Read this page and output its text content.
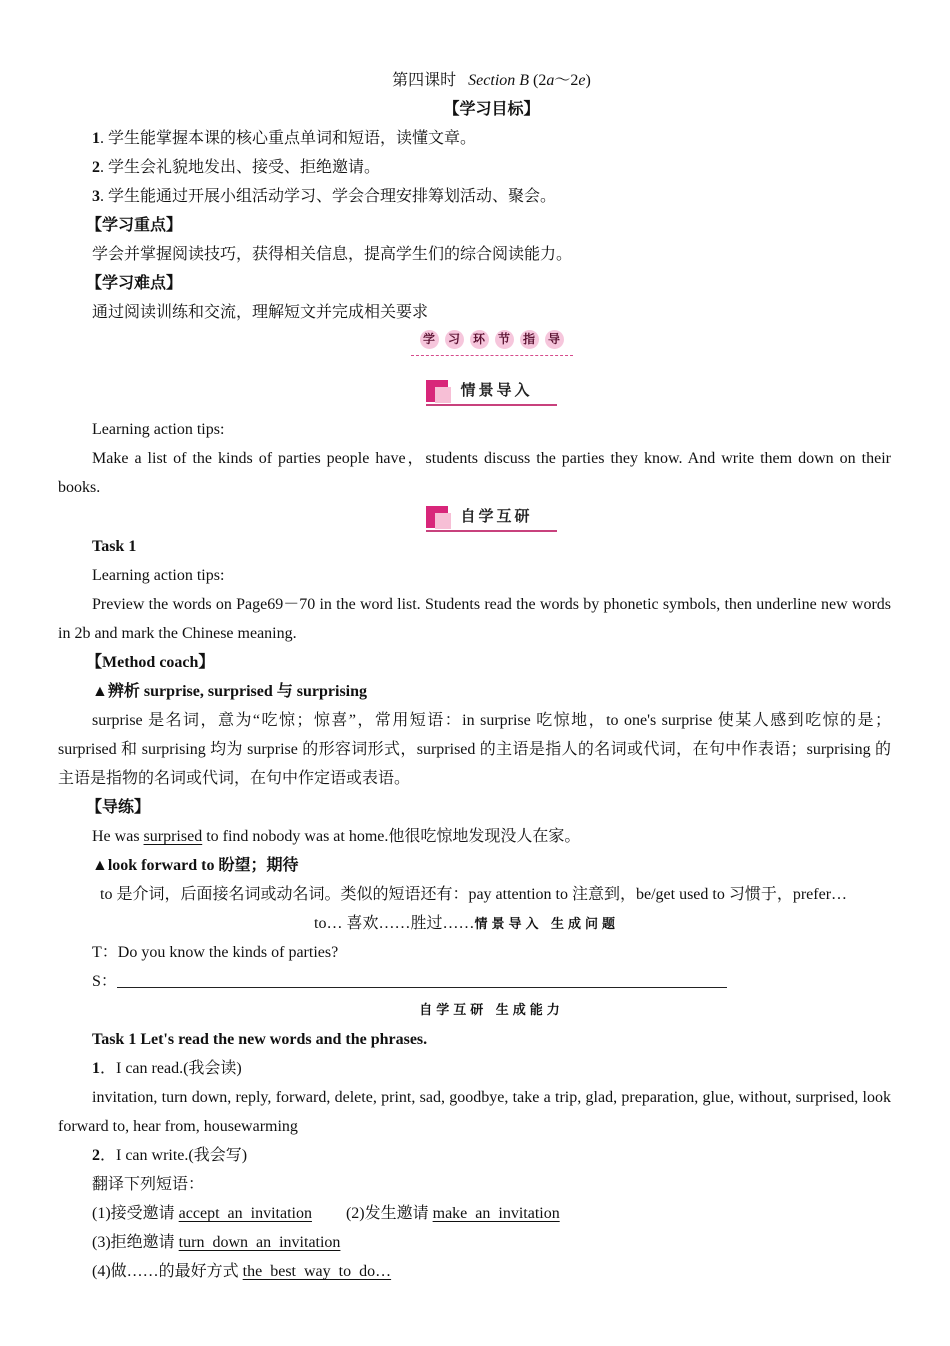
第四课时 Section B (2a～2e)
【学习目标】
1. 学生能掌握本课的核心重点单词和短语，读懂文章。
2. 学生会礼貌地发出、接受、拒绝邀请。
3. 学生能通过开展小组活动学习、学会合理安排筹划活动、聚会。
【学习重点】
学会并掌握阅读技巧，获得相关信息，提高学生们的综合阅读能力。
【学习难点】
通过阅读训练和交流，理解短文并完成相关要求
学 习 环 节 指 导
情景导入
Learning action tips:
Make a list of the kinds of parties people have，students discuss the parties they know. And write them down on their books.
自学互研
Task 1
Learning action tips:
Preview the words on Page69－70 in the word list. Students read the words by phonetic symbols, then underline new words in 2b and mark the Chinese meaning.
【Method coach】
▲辨析 surprise, surprised 与 surprising
surprise 是名词，意为“吃惊；惊喜”，常用短语：in surprise 吃惊地，to one's surprise 使某人感到吃惊的是；surprised 和 surprising 均为 surprise 的形容词形式，surprised 的主语是指人的名词或代词，在句中作表语；surprising 的主语是指物的名词或代词，在句中作定语或表语。
【导练】
He was surprised to find nobody was at home.他很吃惊地发现没人在家。
▲look forward to 盼望；期待
to 是介词，后面接名词或动名词。类似的短语还有：pay attention to 注意到，be/get used to 习惯于，prefer…
to… 喜欢……胜过……情景导入 生成问题
T：Do you know the kinds of parties?
S：
自学互研 生成能力
Task 1 Let's read the new words and the phrases.
1．I can read.(我会读)
invitation, turn down, reply, forward, delete, print, sad, goodbye, take a trip, glad, preparation, glue, without, surprised, look forward to, hear from, housewarming
2．I can write.(我会写)
翻译下列短语：
(1)接受邀请 accept  an  invitation (2)发生邀请 make  an  invitation
(3)拒绝邀请 turn  down  an  invitation
(4)做……的最好方式 the  best  way  to  do…
